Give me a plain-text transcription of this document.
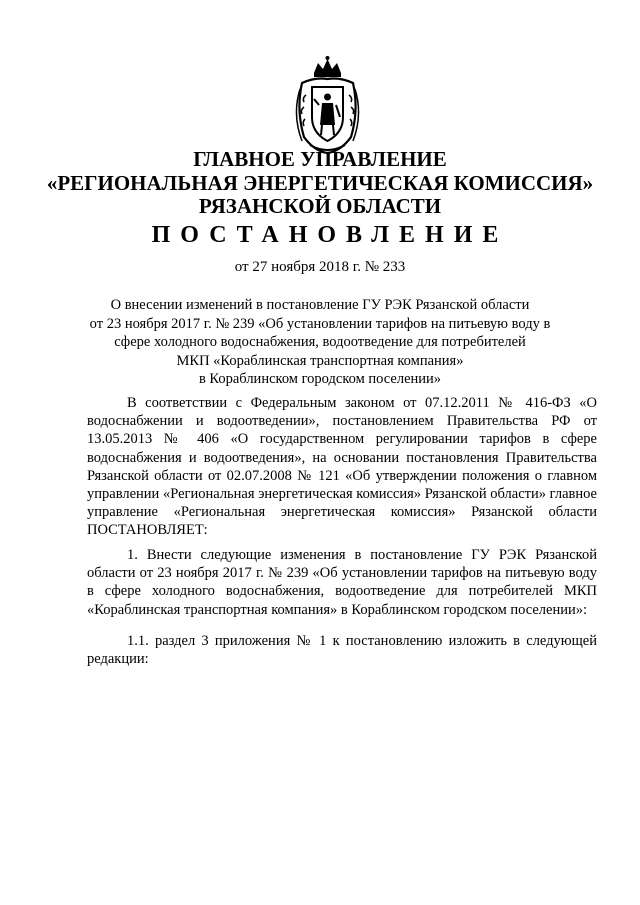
ГЛАВНОЕ УПРАВЛЕНИЕ
«РЕГИОНАЛЬНАЯ ЭНЕРГЕТИЧЕСКАЯ КОМИССИЯ»
РЯЗАНСКОЙ ОБЛАСТИ
ПОСТАНОВЛЕНИЕ
от 27 ноября 2018 г. № 233
О внесении изменений в постановление ГУ РЭК Рязанской области
от 23 ноября 2017 г. № 239 «Об установлении тарифов на питьевую воду в
сфере холодного водоснабжения, водоотведение для потребителей
МКП «Кораблинская транспортная компания»
в Кораблинском городском поселении»
В соответствии с Федеральным законом от 07.12.2011 № 416-ФЗ «О водоснабжении и водоотведении», постановлением Правительства РФ от 13.05.2013 № 406 «О государственном регулировании тарифов в сфере водоснабжения и водоотведения», на основании постановления Правительства Рязанской области от 02.07.2008 № 121 «Об утверждении положения о главном управлении «Региональная энергетическая комиссия» Рязанской области» главное управление «Региональная энергетическая комиссия» Рязанской области ПОСТАНОВЛЯЕТ:
1. Внести следующие изменения в постановление ГУ РЭК Рязанской области от 23 ноября 2017 г. № 239 «Об установлении тарифов на питьевую воду в сфере холодного водоснабжения, водоотведение для потребителей МКП «Кораблинская транспортная компания» в Кораблинском городском поселении»:
1.1. раздел 3 приложения № 1 к постановлению изложить в следующей редакции:
